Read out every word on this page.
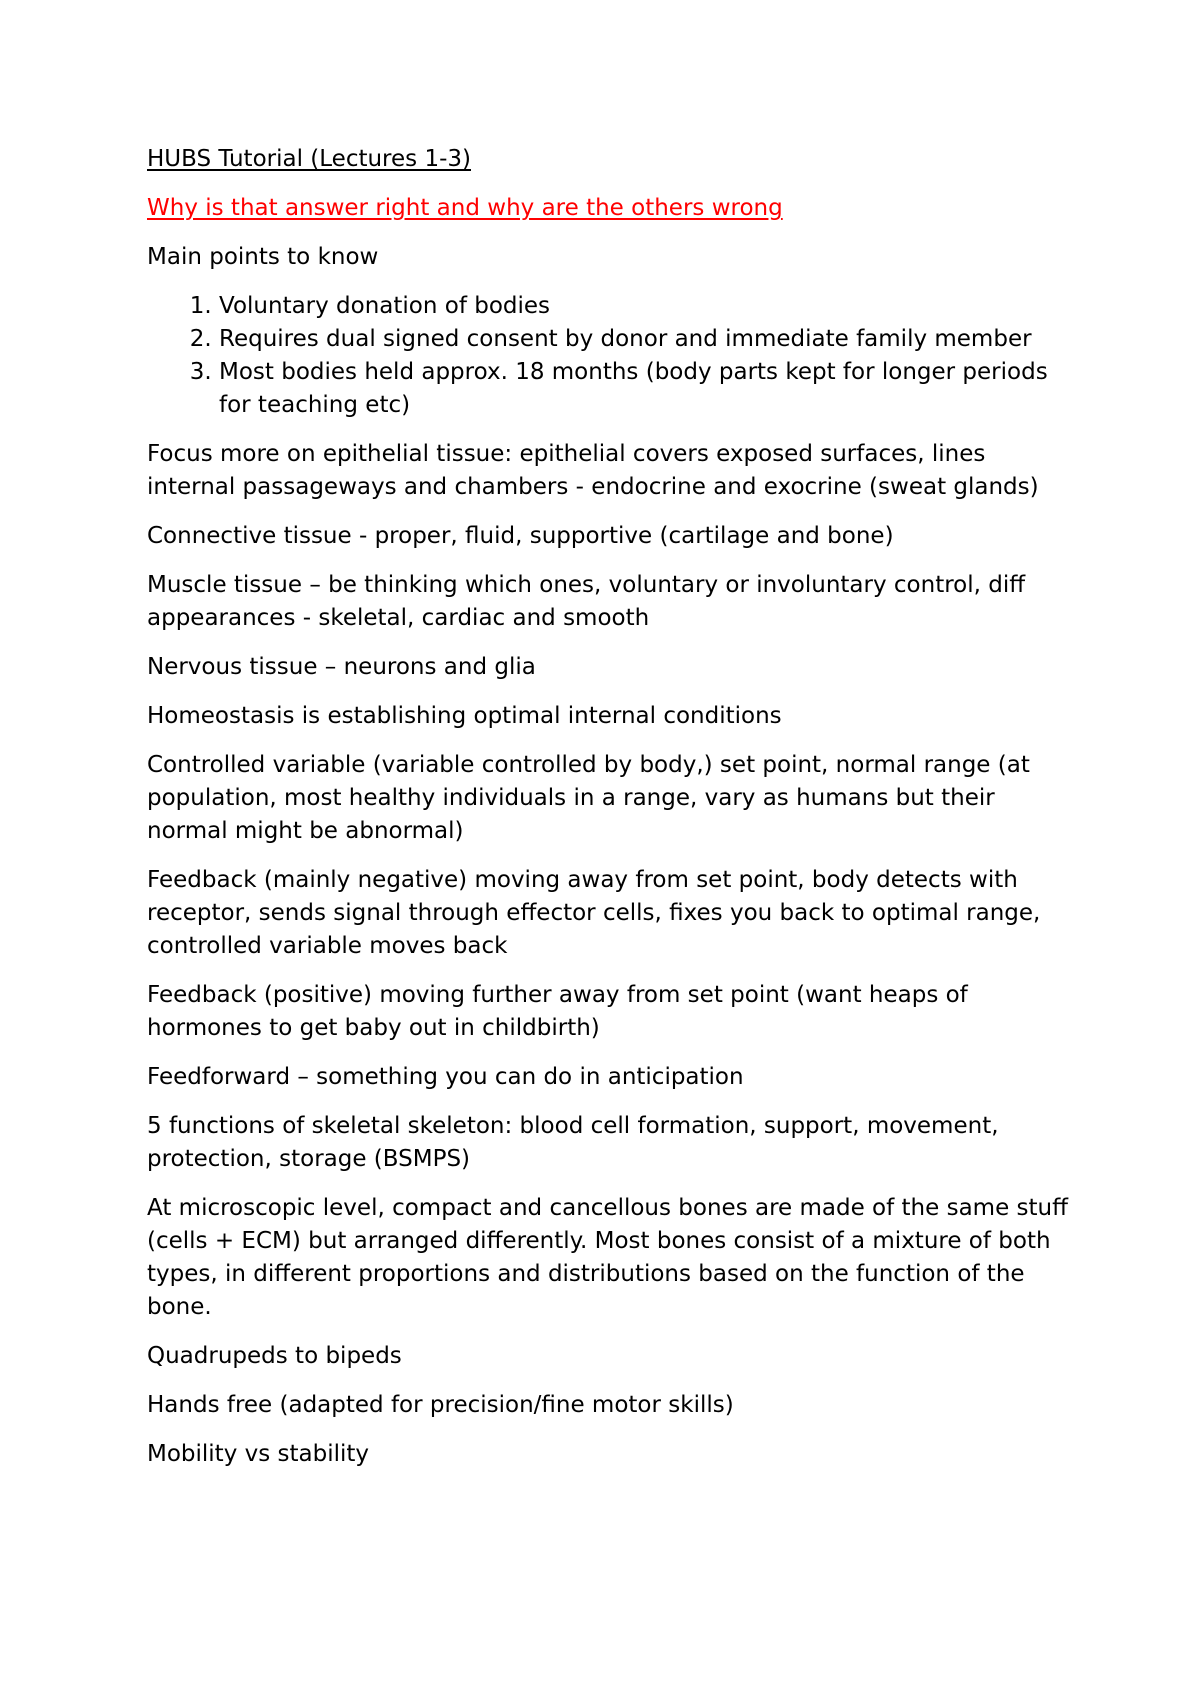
HUBS Tutorial (Lectures 1-3)

Why is that answer right and why are the others wrong

Main points to know

1. Voluntary donation of bodies
2. Requires dual signed consent by donor and immediate family member
3. Most bodies held approx. 18 months (body parts kept for longer periods for teaching etc)

Focus more on epithelial tissue: epithelial covers exposed surfaces, lines internal passageways and chambers - endocrine and exocrine (sweat glands)

Connective tissue - proper, fluid, supportive (cartilage and bone)

Muscle tissue – be thinking which ones, voluntary or involuntary control, diff appearances - skeletal, cardiac and smooth

Nervous tissue – neurons and glia

Homeostasis is establishing optimal internal conditions

Controlled variable (variable controlled by body,) set point, normal range (at population, most healthy individuals in a range, vary as humans but their normal might be abnormal)

Feedback (mainly negative) moving away from set point, body detects with receptor, sends signal through effector cells, fixes you back to optimal range, controlled variable moves back

Feedback (positive) moving further away from set point (want heaps of hormones to get baby out in childbirth)

Feedforward – something you can do in anticipation

5 functions of skeletal skeleton: blood cell formation, support, movement, protection, storage (BSMPS)

At microscopic level, compact and cancellous bones are made of the same stuff (cells + ECM) but arranged differently. Most bones consist of a mixture of both types, in different proportions and distributions based on the function of the bone.

Quadrupeds to bipeds

Hands free (adapted for precision/fine motor skills)

Mobility vs stability
